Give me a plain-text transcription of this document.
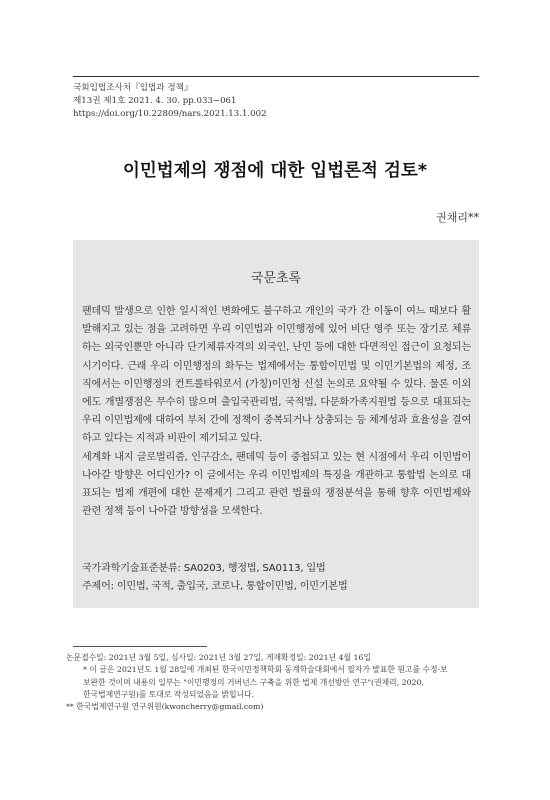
국회입법조사처『입법과 정책』
제13권 제1호 2021. 4. 30. pp.033~061
https://doi.org/10.22809/nars.2021.13.1.002
이민법제의 쟁점에 대한 입법론적 검토*
권채리**
국문초록

팬데믹 발생으로 인한 일시적인 변화에도 불구하고 개인의 국가 간 이동이 여느 때보다 활발해지고 있는 점을 고려하면 우리 이민법과 이민행정에 있어 비단 영주 또는 장기로 체류하는 외국인뿐만 아니라 단기체류자격의 외국인, 난민 등에 대한 다면적인 접근이 요청되는 시기이다. 근래 우리 이민행정의 화두는 법제에서는 통합이민법 및 이민기본법의 제정, 조직에서는 이민행정의 컨트롤타워로서 (가칭)이민청 신설 논의로 요약될 수 있다. 물론 이외에도 개별쟁점은 무수히 많으며 출입국관리법, 국적법, 다문화가족지원법 등으로 대표되는 우리 이민법제에 대하여 부처 간에 정책이 중복되거나 상충되는 등 체계성과 효율성을 결여하고 있다는 지적과 비판이 제기되고 있다.

세계화 내지 글로벌리즘, 인구감소, 팬데믹 등이 중첩되고 있는 현 시점에서 우리 이민법이 나아갈 방향은 어디인가? 이 글에서는 우리 이민법제의 특징을 개관하고 통합법 논의로 대표되는 법제 개편에 대한 문제제기 그리고 관련 법률의 쟁점분석을 통해 향후 이민법제와 관련 정책 등이 나아갈 방향성을 모색한다.

국가과학기술표준분류: SA0203, 행정법, SA0113, 입법
주제어: 이민법, 국적, 출입국, 코로나, 통합이민법, 이민기본법
논문접수일: 2021년 3월 5일, 심사일: 2021년 3월 27일, 게재확정일: 2021년 4월 16일
* 이 글은 2021년도 1월 28일에 개최된 한국이민정책학회 동계학술대회에서 필자가 발표한 원고를 수정·보
보완한 것이며 내용의 일부는 "이민행정의 거버넌스 구축을 위한 법제 개선방안 연구"(권채리, 2020,
한국법제연구원)를 토대로 작성되었음을 밝힙니다.
** 한국법제연구원 연구위원(kwoncherry@gmail.com)
